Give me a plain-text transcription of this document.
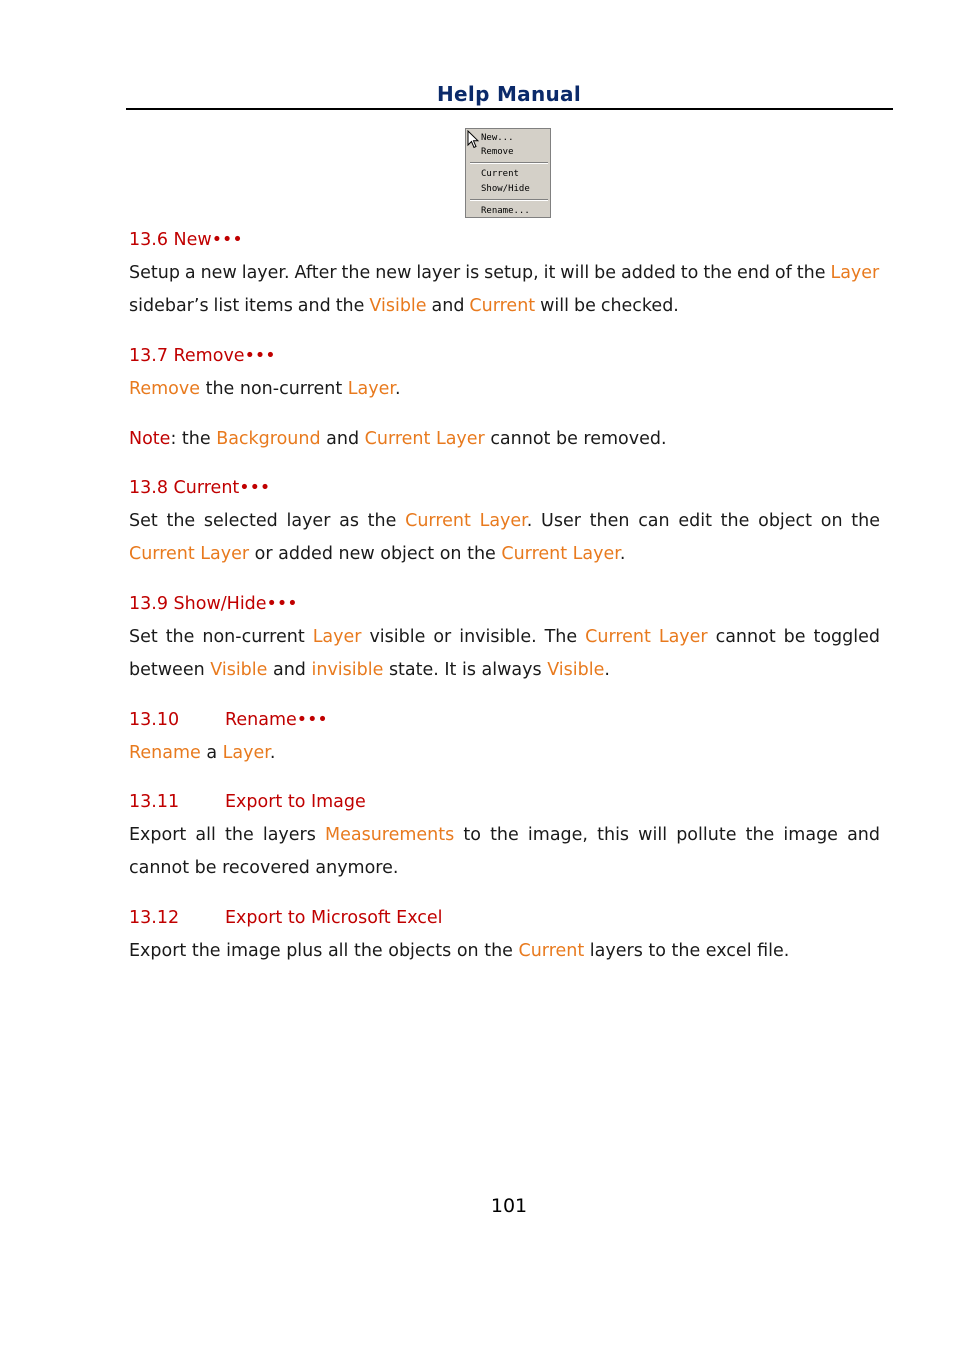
Help Manual
New...
Remove
Current
Show/Hide
Rename...
13.6 New•••
Setup a new layer. After the new layer is setup, it will be added to the end of the Layer sidebar’s list items and the Visible and Current will be checked.
13.7 Remove•••
Remove the non-current Layer.
Note: the Background and Current Layer cannot be removed.
13.8 Current•••
Set the selected layer as the Current Layer. User then can edit the object on the Current Layer or added new object on the Current Layer.
13.9 Show/Hide•••
Set the non-current Layer visible or invisible. The Current Layer cannot be toggled between Visible and invisible state. It is always Visible.
13.10	Rename•••
Rename a Layer.
13.11	Export to Image
Export all the layers Measurements to the image, this will pollute the image and cannot be recovered anymore.
13.12	Export to Microsoft Excel
Export the image plus all the objects on the Current layers to the excel file.
101
